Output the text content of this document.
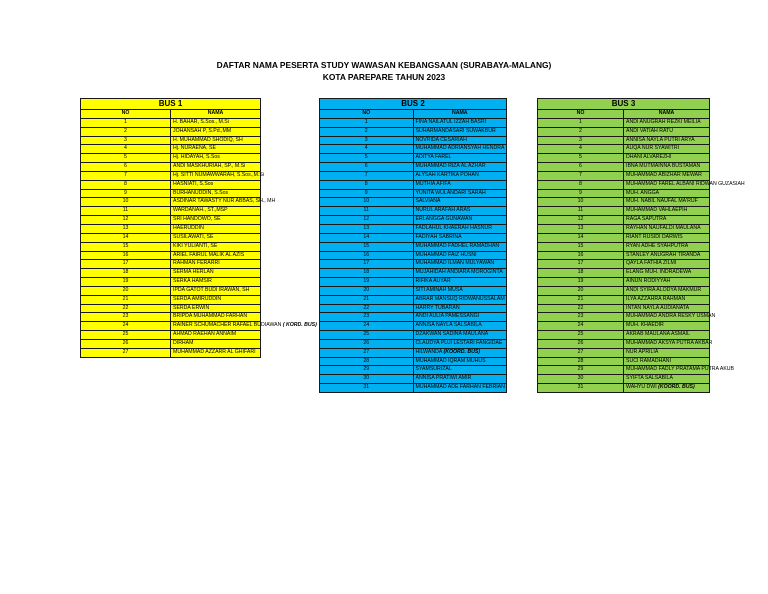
DAFTAR NAMA PESERTA STUDY WAWASAN KEBANGSAAN (SURABAYA-MALANG)
KOTA PAREPARE TAHUN 2023
BUS 1	
NO	NAMA
1	H. BAHAR, S.Sos., M.Si
2	JOHANSAH P, S.Pd.,MM
3	H. MUHAMMAD SHODIQ, SH
4	Hj. NURAENA, SE
5	Hj. HIDAYAH, S.Sos
6	ANDI MASKHURIAH, SP., M.Si
7	Hj. SITTI NUMAWWARAH, S.Sos.,M.Si
8	HASNIATI, S.Sos
9	BURHANUDDIN, S.Sos
10	ASDINAR TAWASTY NUR ABBAS, SH., MH
11	WARDANAH., ST.,MSP
12	SRI HANDOWO, SE
13	HAERUDDIN
14	SUSILAWATI, SE
15	KIKI YULIANTI, SE
16	ARIEL FAIRUL MALIK AL AZIS
17	RAHMAN FERARRI
18	SERMA HERLAN
19	SERKA HAMSIR
20	IPDA GATOT BUDI IRAWAN, SH
21	SERDA AMIRUDDIN
22	SERDA ERWIN
23	BRIPDA MUHAMMAD FARHAN
24	RAINER SCHUMACHER RAFAEL BUDIAWAN ( KORD. BUS)
25	AHMAD RAEHAN ANNAIM
26	DIRHAM
27	MUHAMMAD AZZARR AL GHIFARI
BUS 2	
NO	NAMA
1	FINA NAILATUL IZZAH BASRI
2	SUHARMANDASARI SUWAKBUR
3	NOVRIDA CESARIAH
4	MUHAMMAD ADRIANSYAH HENDRA
5	ADITYA FAREL
6	MUHAMMAD RIZA AL AZHAR
7	ALYSAH KARTIKA POHAN
8	MUTHIA AFIFA
9	YUNITA WULANDARI SARAH
10	SALVIANA
11	NURUL ARAFAH ARAS
12	ERLANGGA GUNAWAN
13	FADLAHUL KHAERAH HASNUR
14	FADIYAH SABRINA
15	MUHAMMAD FADHEL RAMADHAN
16	MUHAMMAD FAIZ HUSNI
17	MUHAMMAD ILMAN MULYAWAN
18	MUJAHIDAH ANDIARA MOROGINTA
19	RIFIKA AUYAR
20	SITI AMINAH MUSA
21	ABRAR MANSUQ RIDWANUSSALAM
22	HARRY TUBARAN
23	ANDI AULIA PAMESSANGI
24	ANNISA NAYLA SALSABILA
25	DZAKWAN SADINA MAULANA
26	CLAUDYA PUJI LESTARI FANGIDAE
27	HILWANDA (KOORD. BUS)
28	MUHAMMAD IQRAM MUHUS
29	SYAMSURIZAL
30	ANNISA PRATIWI AMIR
31	MUHAMMAD ADE FARHAN FEBRIAN
BUS 3	
NO	NAMA
1	ANDI ANUGRAH REZKI MEILIA
2	ANDI VATIAH RATU
3	ANNISA NAYLA PUTRI ARYA
4	AUQA NUR SYAWITRI
5	DHANI ALVAREZHI
6	IBNA MUTMAINNA BUSTAMAN
7	MUHAMMAD ABIZHAR MEWAR
8	MUHAMMAD FAREL ALBANI RIDWAN GUZASIAH
9	MUH. ANGGA
10	MUH. NABIL NAUFAL MA'RUF
11	MUHAMMAD VAHLAEPIH
12	RAGA SAPUTRA
13	RAYHAN NAUFALDI MAULANA
14	RIANT RUSIDI DARWIS
15	RYAN ADHE SYAHPUTRA
16	STANLEY ANUGRAH TIRANDA
17	QAYLA FATHIA ZILMI
18	ELANG MUH. INDRADEWA
19	AINUN RODIYYAH
20	ANDI SYIRA ALODYA MAKMUR
21	ILYA AZZAHRA RAHMAN
22	INTAN NAYLA AUDIANATA
23	MUHAMMAD ANDRA RESKY USMAN
24	MUH. KHAEDIR
25	AKRAB MAULANA ASMAIL
26	MUHAMMAD AKSYA PUTRA AKBAR
27	NUR APRILIA
28	SUCI RAMADHANI
29	MUHAMMAD FADLY PRATAMA PUTRA AKUB
30	SYIFTA SALSABILA
31	WAHYU DWI (KOORD. BUS)
